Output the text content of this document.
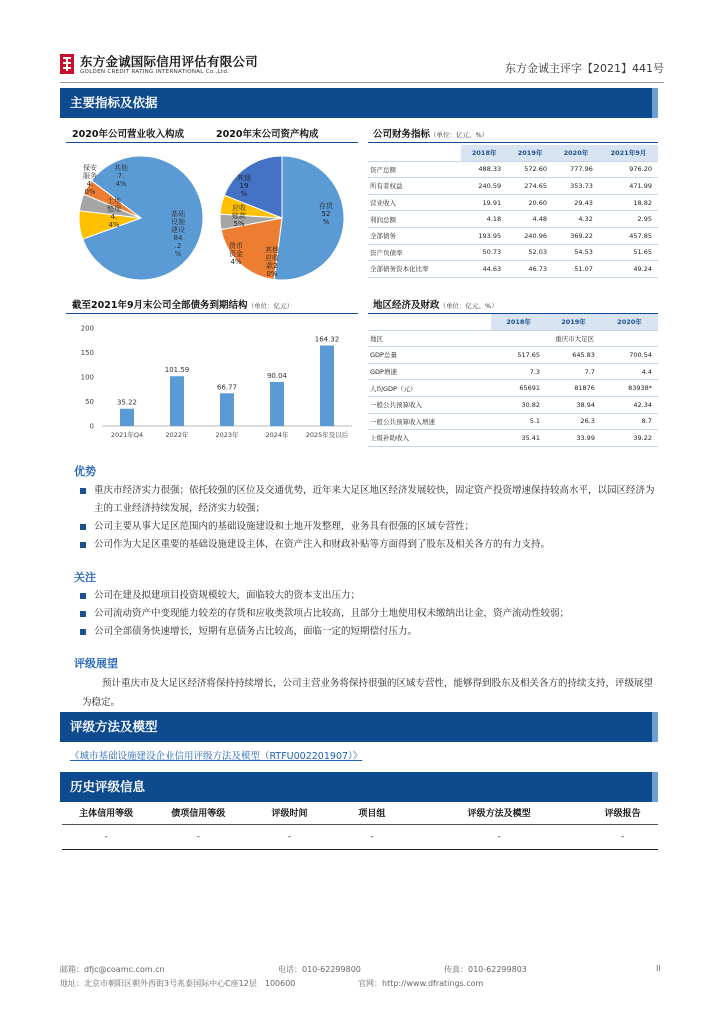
东方金诚国际信用评估有限公司
GOLDEN CREDIT RATING INTERNATIONAL Co.,Ltd.	东方金诚主评字【2021】441号
主要指标及依据
2020年公司营业收入构成	2020年末公司资产构成
基础设施建设 84 .2 %
其他 7. 4%
土地整理 4. 4%
保安服务 4. 0%
存货 52 %
其他应收款2 0%
货币资金 4%
应收账款 5%
其他 19 %
公司财务指标（单位：亿元、%）
	2018年	2019年	2020年	2021年9月
资产总额	488.33	572.60	777.96	976.20
所有者权益	240.59	274.65	353.73	471.99
营业收入	19.91	20.60	29.43	18.82
利润总额	4.18	4.48	4.32	2.95
全部债务	193.95	240.96	369.22	457.85
资产负债率	50.73	52.03	54.53	51.65
全部债务资本化比率	44.63	46.73	51.07	49.24
截至2021年9月末公司全部债务到期结构（单位：亿元）
0
50
100
150
200
35.22
2021年Q4
101.59
2022年
66.77
2023年
90.04
2024年
164.32
2025年及以后
地区经济及财政（单位：亿元、%）
	2018年	2019年	2020年
地区	重庆市大足区		
GDP总量	517.65	645.83	700.54
GDP增速	7.3	7.7	4.4
人均GDP（元）	65691	81876	83938*
一般公共预算收入	30.82	38.94	42.34
一般公共预算收入增速	5.1	26.3	8.7
上级补助收入	35.41	33.99	39.22
优势
重庆市经济实力很强；依托较强的区位及交通优势，近年来大足区地区经济发展较快，固定资产投资增速保持较高水平，以园区经济为主的工业经济持续发展，经济实力较强；
公司主要从事大足区范围内的基础设施建设和土地开发整理，业务具有很强的区域专营性；
公司作为大足区重要的基础设施建设主体，在资产注入和财政补贴等方面得到了股东及相关各方的有力支持。
关注
公司在建及拟建项目投资规模较大，面临较大的资本支出压力；
公司流动资产中变现能力较差的存货和应收类款项占比较高，且部分土地使用权未缴纳出让金，资产流动性较弱；
公司全部债务快速增长，短期有息债务占比较高，面临一定的短期偿付压力。
评级展望
预计重庆市及大足区经济将保持持续增长，公司主营业务将保持很强的区域专营性，能够得到股东及相关各方的持续支持，评级展望为稳定。
评级方法及模型
《城市基础设施建设企业信用评级方法及模型（RTFU002201907）》
历史评级信息
主体信用等级	债项信用等级	评级时间	项目组	评级方法及模型	评级报告
-	-	-	-	-	-
邮箱：dfjc@coamc.com.cn	电话：010-62299800	传真：010-62299803	II
地址：北京市朝阳区朝外西街3号兆泰国际中心C座12层　100600	官网：http://www.dfratings.com
